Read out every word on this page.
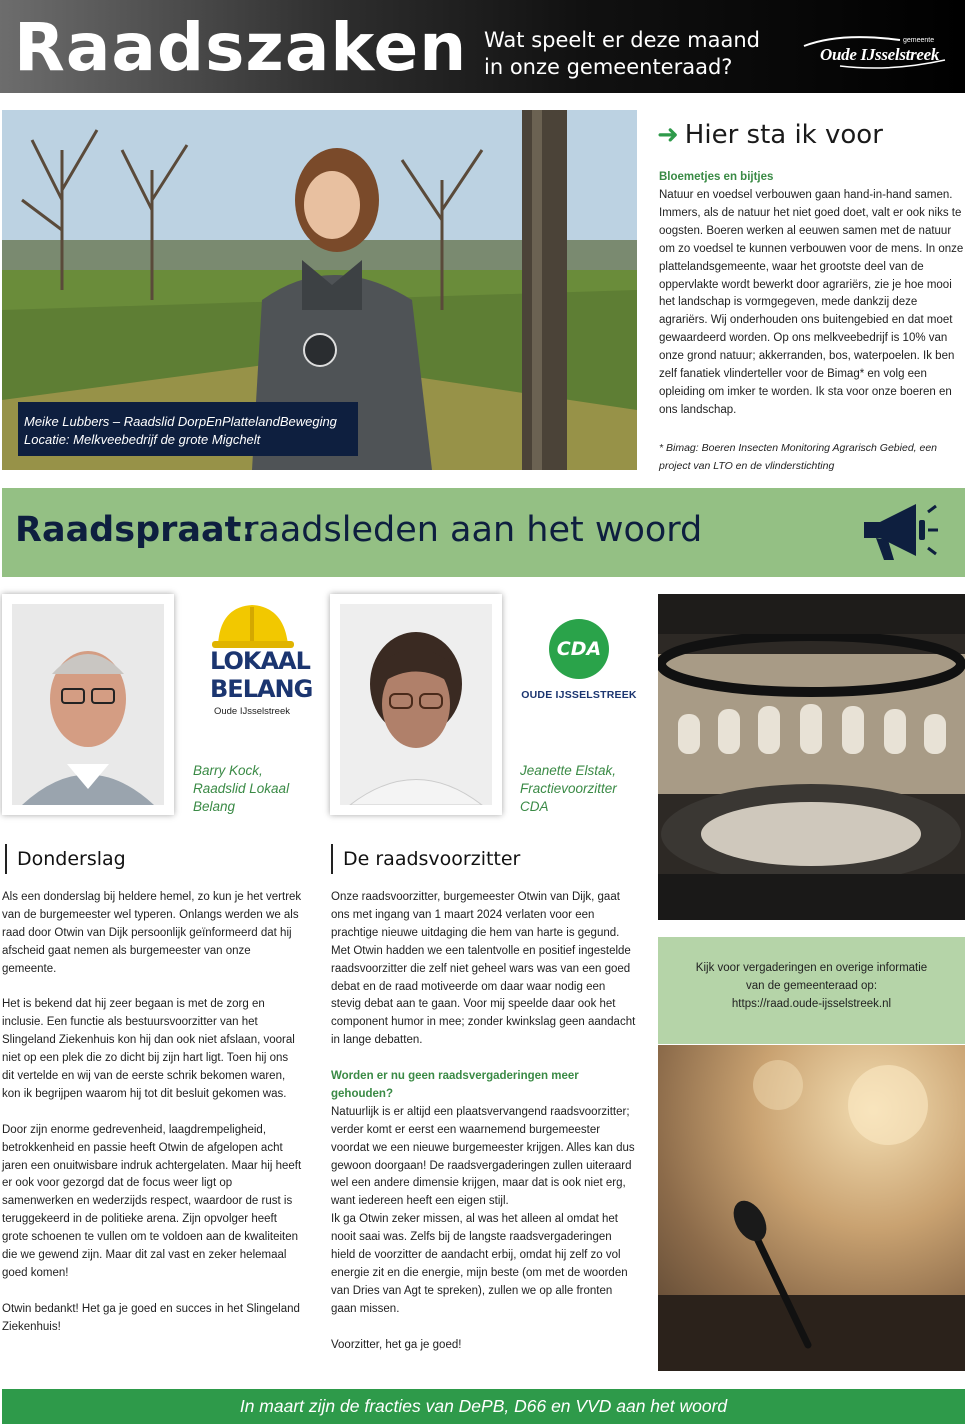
Raadszaken Wat speelt er deze maand
in onze gemeenteraad?
gemeente
Oude IJsselstreek
Meike Lubbers – Raadslid DorpEnPlattelandBeweging
Locatie: Melkveebedrijf de grote Migchelt
➜ Hier sta ik voor
Bloemetjes en bijtjes
Natuur en voedsel verbouwen gaan hand-in-hand samen. Immers, als de natuur het niet goed doet, valt er ook niks te oogsten. Boeren werken al eeuwen samen met de natuur om zo voedsel te kunnen verbouwen voor de mens. In onze plattelandsgemeente, waar het grootste deel van de oppervlakte wordt bewerkt door agrariërs, zie je hoe mooi het landschap is vormgegeven, mede dankzij deze agrariërs. Wij onderhouden ons buitengebied en dat moet gewaardeerd worden. Op ons melkveebedrijf is 10% van onze grond natuur; akkerranden, bos, waterpoelen. Ik ben zelf fanatiek vlinderteller voor de Bimag* en volg een opleiding om imker te worden. Ik sta voor onze boeren en ons landschap.
* Bimag: Boeren Insecten Monitoring Agrarisch Gebied, een project van LTO en de vlinderstichting
Raadspraat:
raadsleden aan het woord
LOKAAL
BELANG
Oude IJsselstreek
Barry Kock,
Raadslid Lokaal
Belang
CDA
OUDE IJSSELSTREEK
Jeanette Elstak,
Fractievoorzitter
CDA
Donderslag

Als een donderslag bij heldere hemel, zo kun je het vertrek van de burgemeester wel typeren. Onlangs werden we als raad door Otwin van Dijk persoonlijk geïnformeerd dat hij afscheid gaat nemen als burgemeester van onze gemeente.

Het is bekend dat hij zeer begaan is met de zorg en inclusie. Een functie als bestuursvoorzitter van het Slingeland Ziekenhuis kon hij dan ook niet afslaan, vooral niet op een plek die zo dicht bij zijn hart ligt. Toen hij ons dit vertelde en wij van de eerste schrik bekomen waren, kon ik begrijpen waarom hij tot dit besluit gekomen was.

Door zijn enorme gedrevenheid, laagdrempeligheid, betrokkenheid en passie heeft Otwin de afgelopen acht jaren een onuitwisbare indruk achtergelaten. Maar hij heeft er ook voor gezorgd dat de focus weer ligt op samenwerken en wederzijds respect, waardoor de rust is teruggekeerd in de politieke arena. Zijn opvolger heeft grote schoenen te vullen om te voldoen aan de kwaliteiten die we gewend zijn. Maar dit zal vast en zeker helemaal goed komen!

Otwin bedankt! Het ga je goed en succes in het Slingeland Ziekenhuis!

De raadsvoorzitter

Onze raadsvoorzitter, burgemeester Otwin van Dijk, gaat ons met ingang van 1 maart 2024 verlaten voor een prachtige nieuwe uitdaging die hem van harte is gegund. Met Otwin hadden we een talentvolle en positief ingestelde raadsvoorzitter die zelf niet geheel wars was van een goed debat en de raad motiveerde om daar waar nodig een stevig debat aan te gaan. Voor mij speelde daar ook het component humor in mee; zonder kwinkslag geen aandacht in lange debatten.

Worden er nu geen raadsvergaderingen meer gehouden?

Natuurlijk is er altijd een plaatsvervangend raadsvoorzitter; verder komt er eerst een waarnemend burgemeester voordat we een nieuwe burgemeester krijgen. Alles kan dus gewoon doorgaan! De raadsvergaderingen zullen uiteraard wel een andere dimensie krijgen, maar dat is ook niet erg, want iedereen heeft een eigen stijl.

Ik ga Otwin zeker missen, al was het alleen al omdat het nooit saai was. Zelfs bij de langste raadsvergaderingen hield de voorzitter de aandacht erbij, omdat hij zelf zo vol energie zit en die energie, mijn beste (om met de woorden van Dries van Agt te spreken), zullen we op alle fronten gaan missen.

Voorzitter, het ga je goed!

Kijk voor vergaderingen en overige informatie
van de gemeenteraad op:
https://raad.oude-ijsselstreek.nl
In maart zijn de fracties van DePB, D66 en VVD aan het woord
